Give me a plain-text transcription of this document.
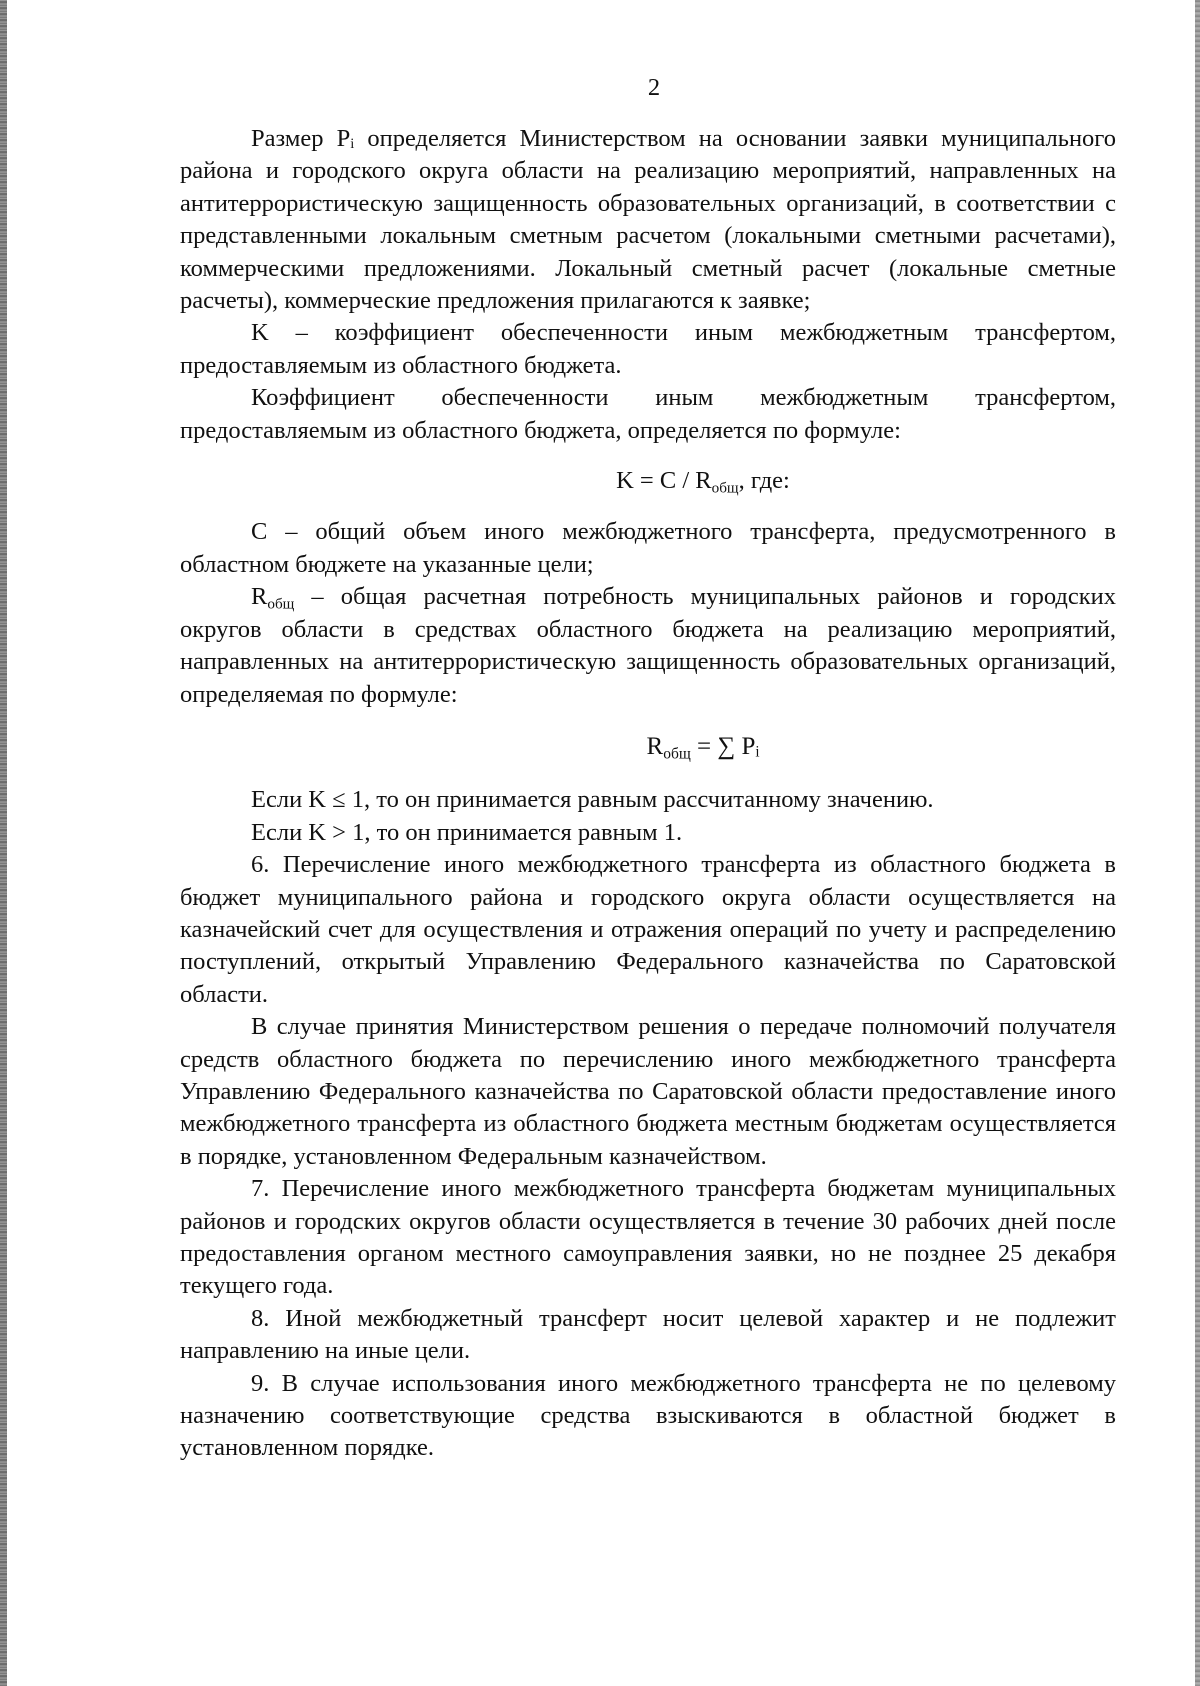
2

Размер Pᵢ определяется Министерством на основании заявки муниципального района и городского округа области на реализацию мероприятий, направленных на антитеррористическую защищенность образовательных организаций, в соответствии с представленными локальным сметным расчетом (локальными сметными расчетами), коммерческими предложениями. Локальный сметный расчет (локальные сметные расчеты), коммерческие предложения прилагаются к заявке;

K – коэффициент обеспеченности иным межбюджетным трансфертом, предоставляемым из областного бюджета.

Коэффициент обеспеченности иным межбюджетным трансфертом, предоставляемым из областного бюджета, определяется по формуле:

$K = C / R_{общ}$, где:

C – общий объем иного межбюджетного трансферта, предусмотренного в областном бюджете на указанные цели;

$R_{общ}$ – общая расчетная потребность муниципальных районов и городских округов области в средствах областного бюджета на реализацию мероприятий, направленных на антитеррористическую защищенность образовательных организаций, определяемая по формуле:

$R_{общ}$ = ∑ Pᵢ

Если K ≤ 1, то он принимается равным рассчитанному значению.

Если K > 1, то он принимается равным 1.

6. Перечисление иного межбюджетного трансферта из областного бюджета в бюджет муниципального района и городского округа области осуществляется на казначейский счет для осуществления и отражения операций по учету и распределению поступлений, открытый Управлению Федерального казначейства по Саратовской области.

В случае принятия Министерством решения о передаче полномочий получателя средств областного бюджета по перечислению иного межбюджетного трансферта Управлению Федерального казначейства по Саратовской области предоставление иного межбюджетного трансферта из областного бюджета местным бюджетам осуществляется в порядке, установленном Федеральным казначейством.

7. Перечисление иного межбюджетного трансферта бюджетам муниципальных районов и городских округов области осуществляется в течение 30 рабочих дней после предоставления органом местного самоуправления заявки, но не позднее 25 декабря текущего года.

8. Иной межбюджетный трансферт носит целевой характер и не подлежит направлению на иные цели.

9. В случае использования иного межбюджетного трансферта не по целевому назначению соответствующие средства взыскиваются в областной бюджет в установленном порядке.
